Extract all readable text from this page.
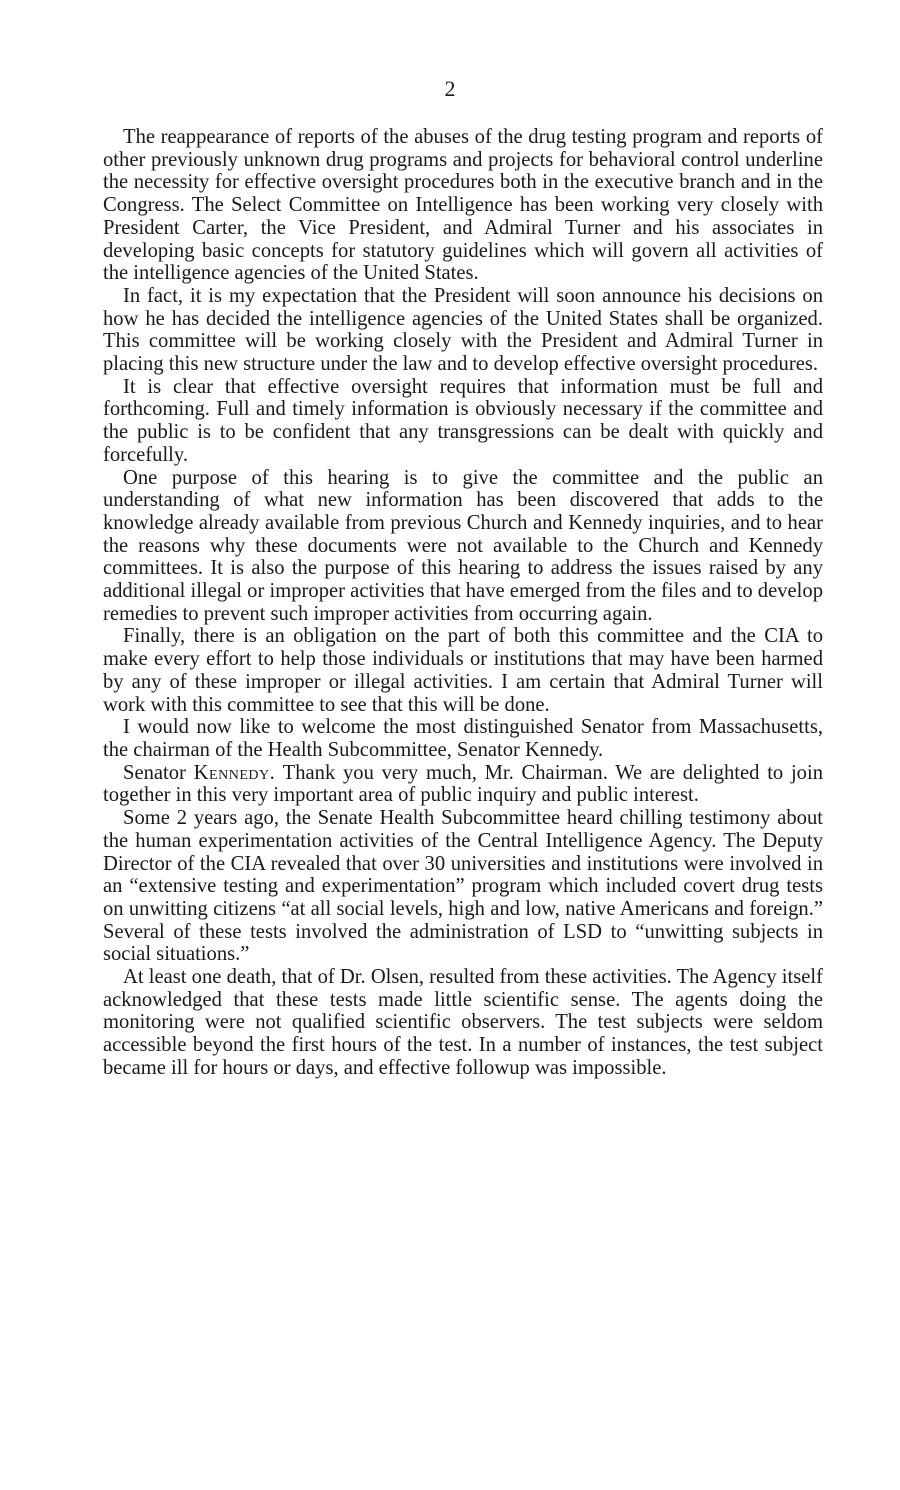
2

The reappearance of reports of the abuses of the drug testing program and reports of other previously unknown drug programs and projects for behavioral control underline the necessity for effective oversight procedures both in the executive branch and in the Congress. The Select Committee on Intelligence has been working very closely with President Carter, the Vice President, and Admiral Turner and his associates in developing basic concepts for statutory guidelines which will govern all activities of the intelligence agencies of the United States.

In fact, it is my expectation that the President will soon announce his decisions on how he has decided the intelligence agencies of the United States shall be organized. This committee will be working closely with the President and Admiral Turner in placing this new structure under the law and to develop effective oversight procedures.

It is clear that effective oversight requires that information must be full and forthcoming. Full and timely information is obviously necessary if the committee and the public is to be confident that any transgressions can be dealt with quickly and forcefully.

One purpose of this hearing is to give the committee and the public an understanding of what new information has been discovered that adds to the knowledge already available from previous Church and Kennedy inquiries, and to hear the reasons why these documents were not available to the Church and Kennedy committees. It is also the purpose of this hearing to address the issues raised by any additional illegal or improper activities that have emerged from the files and to develop remedies to prevent such improper activities from occurring again.

Finally, there is an obligation on the part of both this committee and the CIA to make every effort to help those individuals or institutions that may have been harmed by any of these improper or illegal activities. I am certain that Admiral Turner will work with this committee to see that this will be done.

I would now like to welcome the most distinguished Senator from Massachusetts, the chairman of the Health Subcommittee, Senator Kennedy.

Senator Kennedy. Thank you very much, Mr. Chairman. We are delighted to join together in this very important area of public inquiry and public interest.

Some 2 years ago, the Senate Health Subcommittee heard chilling testimony about the human experimentation activities of the Central Intelligence Agency. The Deputy Director of the CIA revealed that over 30 universities and institutions were involved in an “extensive testing and experimentation” program which included covert drug tests on unwitting citizens “at all social levels, high and low, native Americans and foreign.” Several of these tests involved the administration of LSD to “unwitting subjects in social situations.”

At least one death, that of Dr. Olsen, resulted from these activities. The Agency itself acknowledged that these tests made little scientific sense. The agents doing the monitoring were not qualified scientific observers. The test subjects were seldom accessible beyond the first hours of the test. In a number of instances, the test subject became ill for hours or days, and effective followup was impossible.
